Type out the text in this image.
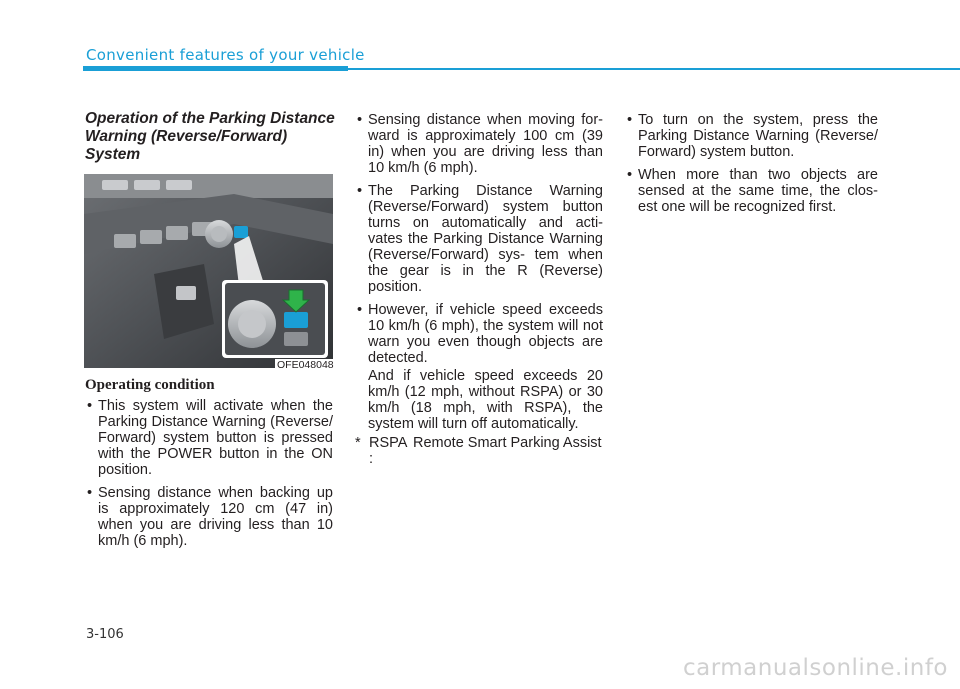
Convenient features of your vehicle
Operation of the Parking Distance Warning (Reverse/Forward) System
OFE048048
Operating condition

• This system will activate when the Parking Distance Warning (Reverse/ Forward) system button is pressed with the POWER button in the ON position.

• Sensing distance when backing up is approximately 120 cm (47 in) when you are driving less than 10 km/h (6 mph).

• Sensing distance when moving for- ward is approximately 100 cm (39 in) when you are driving less than 10 km/h (6 mph).

• The Parking Distance Warning (Reverse/Forward) system button turns on automatically and acti- vates the Parking Distance Warning (Reverse/Forward) sys- tem when the gear is in the R (Reverse) position.

• However, if vehicle speed exceeds 10 km/h (6 mph), the system will not warn you even though objects are detected.

And if vehicle speed exceeds 20 km/h (12 mph, without RSPA) or 30 km/h (18 mph, with RSPA), the system will turn off automatically.

* RSPA :
Remote Smart Parking Assist

• To turn on the system, press the Parking Distance Warning (Reverse/ Forward) system button.

• When more than two objects are sensed at the same time, the clos- est one will be recognized first.

3-106
carmanualsonline.info
